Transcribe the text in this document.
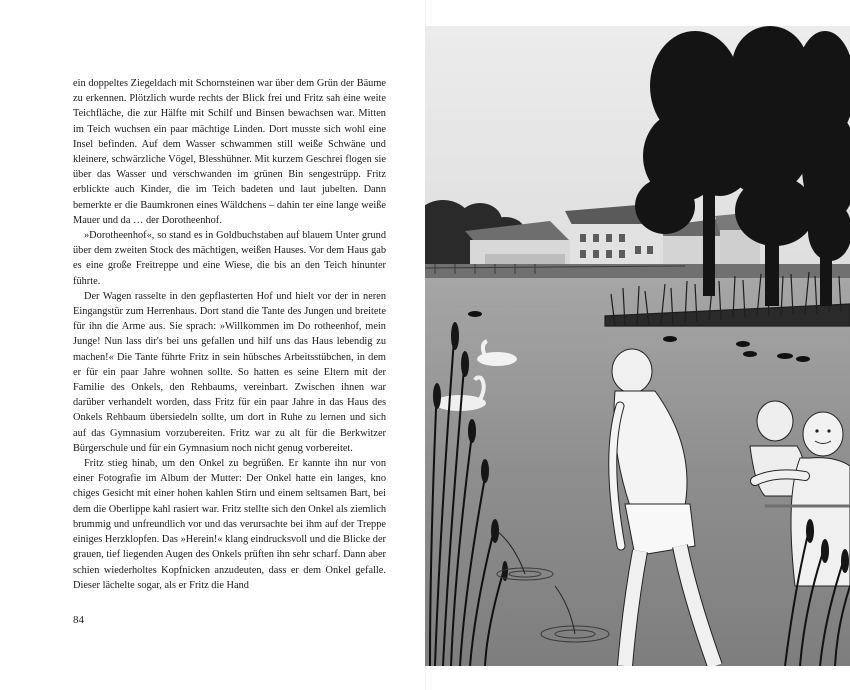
ein doppeltes Ziegeldach mit Schornsteinen war über dem Grün der Bäume zu erkennen. Plötzlich wurde rechts der Blick frei und Fritz sah eine weite Teichfläche, die zur Hälfte mit Schilf und Binsen bewachsen war. Mitten im Teich wuchsen ein paar mächtige Linden. Dort musste sich wohl eine Insel befinden. Auf dem Wasser schwammen still weiße Schwäne und kleinere, schwärzliche Vögel, Blesshühner. Mit kurzem Geschrei flogen sie über das Wasser und verschwanden im grünen Bin sengestrüpp. Fritz erblickte auch Kinder, die im Teich badeten und laut jubelten. Dann bemerkte er die Baumkronen eines Wäldchens – dahin ter eine lange weiße Mauer und da … der Dorotheenhof.

»Dorotheenhof«, so stand es in Goldbuchstaben auf blauem Unter grund über dem zweiten Stock des mächtigen, weißen Hauses. Vor dem Haus gab es eine große Freitreppe und eine Wiese, die bis an den Teich hinunter führte.

Der Wagen rasselte in den gepflasterten Hof und hielt vor der in neren Eingangstür zum Herrenhaus. Dort stand die Tante des Jungen und breitete für ihn die Arme aus. Sie sprach: »Willkommen im Do rotheenhof, mein Junge! Nun lass dir's bei uns gefallen und hilf uns das Haus lebendig zu machen!« Die Tante führte Fritz in sein hübsches Arbeitsstübchen, in dem er für ein paar Jahre wohnen sollte. So hatten es seine Eltern mit der Familie des Onkels, den Rehbaums, vereinbart. Zwischen ihnen war darüber verhandelt worden, dass Fritz für ein paar Jahre in das Haus des Onkels Rehbaum übersiedeln sollte, um dort in Ruhe zu lernen und sich auf das Gymnasium vorzubereiten. Fritz war zu alt für die Berkwitzer Bürgerschule und für ein Gymnasium noch nicht genug vorbereitet.

Fritz stieg hinab, um den Onkel zu begrüßen. Er kannte ihn nur von einer Fotografie im Album der Mutter: Der Onkel hatte ein langes, kno chiges Gesicht mit einer hohen kahlen Stirn und einem seltsamen Bart, bei dem die Oberlippe kahl rasiert war. Fritz stellte sich den Onkel als ziemlich brummig und unfreundlich vor und das verursachte bei ihm auf der Treppe einiges Herzklopfen. Das »Herein!« klang eindrucksvoll und die Blicke der grauen, tief liegenden Augen des Onkels prüften ihn sehr scharf. Dann aber schien wiederholtes Kopfnicken anzudeuten, dass er dem Onkel gefalle. Dieser lächelte sogar, als er Fritz die Hand

84
